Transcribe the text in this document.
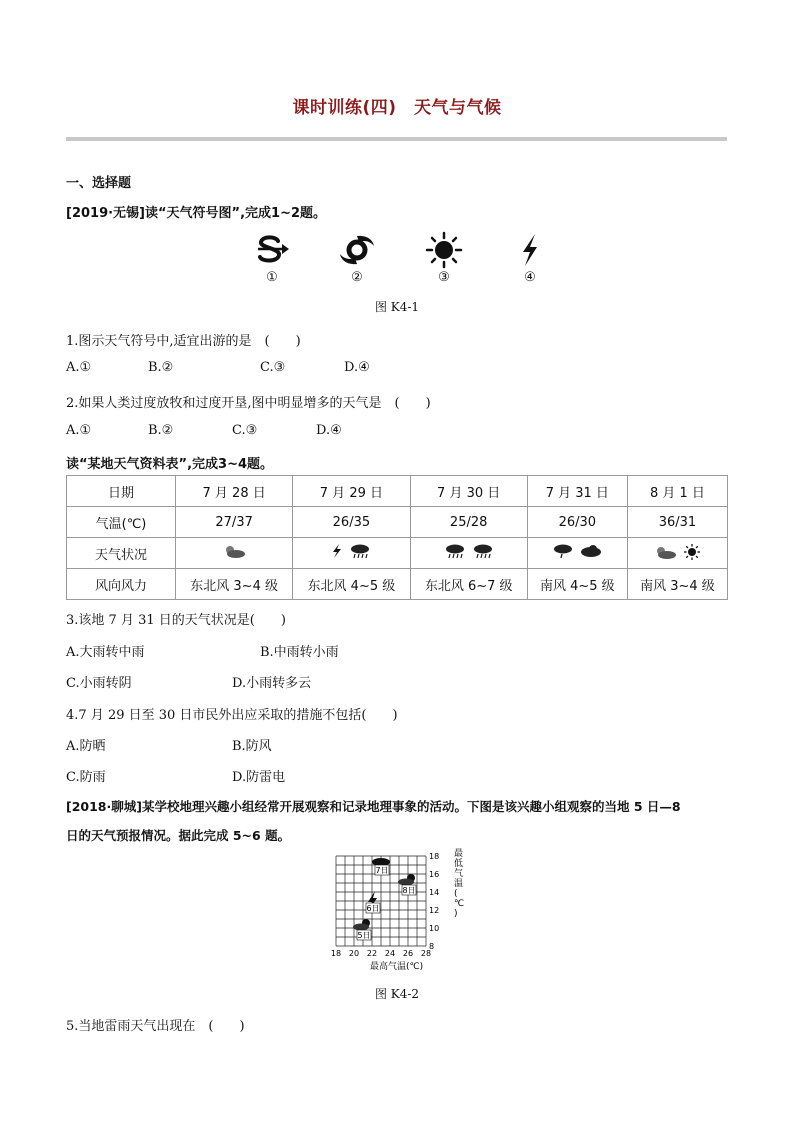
课时训练(四)　天气与气候
一、选择题
[2019·无锡]读“天气符号图”,完成1~2题。
①	②	③	④
图 K4-1
1.图示天气符号中,适宜出游的是　(　　)
A.①	B.②	C.③	D.④
2.如果人类过度放牧和过度开垦,图中明显增多的天气是　(　　)
A.①	B.②	C.③	D.④
读“某地天气资料表”,完成3~4题。
日期	7 月 28 日	7 月 29 日	7 月 30 日	7 月 31 日	8 月 1 日
气温(℃)	27/37	26/35	25/28	26/30	36/31
天气状况	

风向风力	东北风 3~4 级	东北风 4~5 级	东北风 6~7 级	南风 4~5 级	南风 3~4 级
3.该地 7 月 31 日的天气状况是(　　)
A.大雨转中雨	B.中雨转小雨
C.小雨转阴	D.小雨转多云
4.7 月 29 日至 30 日市民外出应采取的措施不包括(　　)
A.防晒	B.防风
C.防雨	D.防雷电
[2018·聊城]某学校地理兴趣小组经常开展观察和记录地理事象的活动。下图是该兴趣小组观察的当地 5 日—8
日的天气预报情况。据此完成 5~6 题。
18 20 22 24 26 28
8
10
12
14
16
18
5日
6日
7日
8日
最高气温(℃)
最低气温( ℃ )
图 K4-2
5.当地雷雨天气出现在　(　　)
